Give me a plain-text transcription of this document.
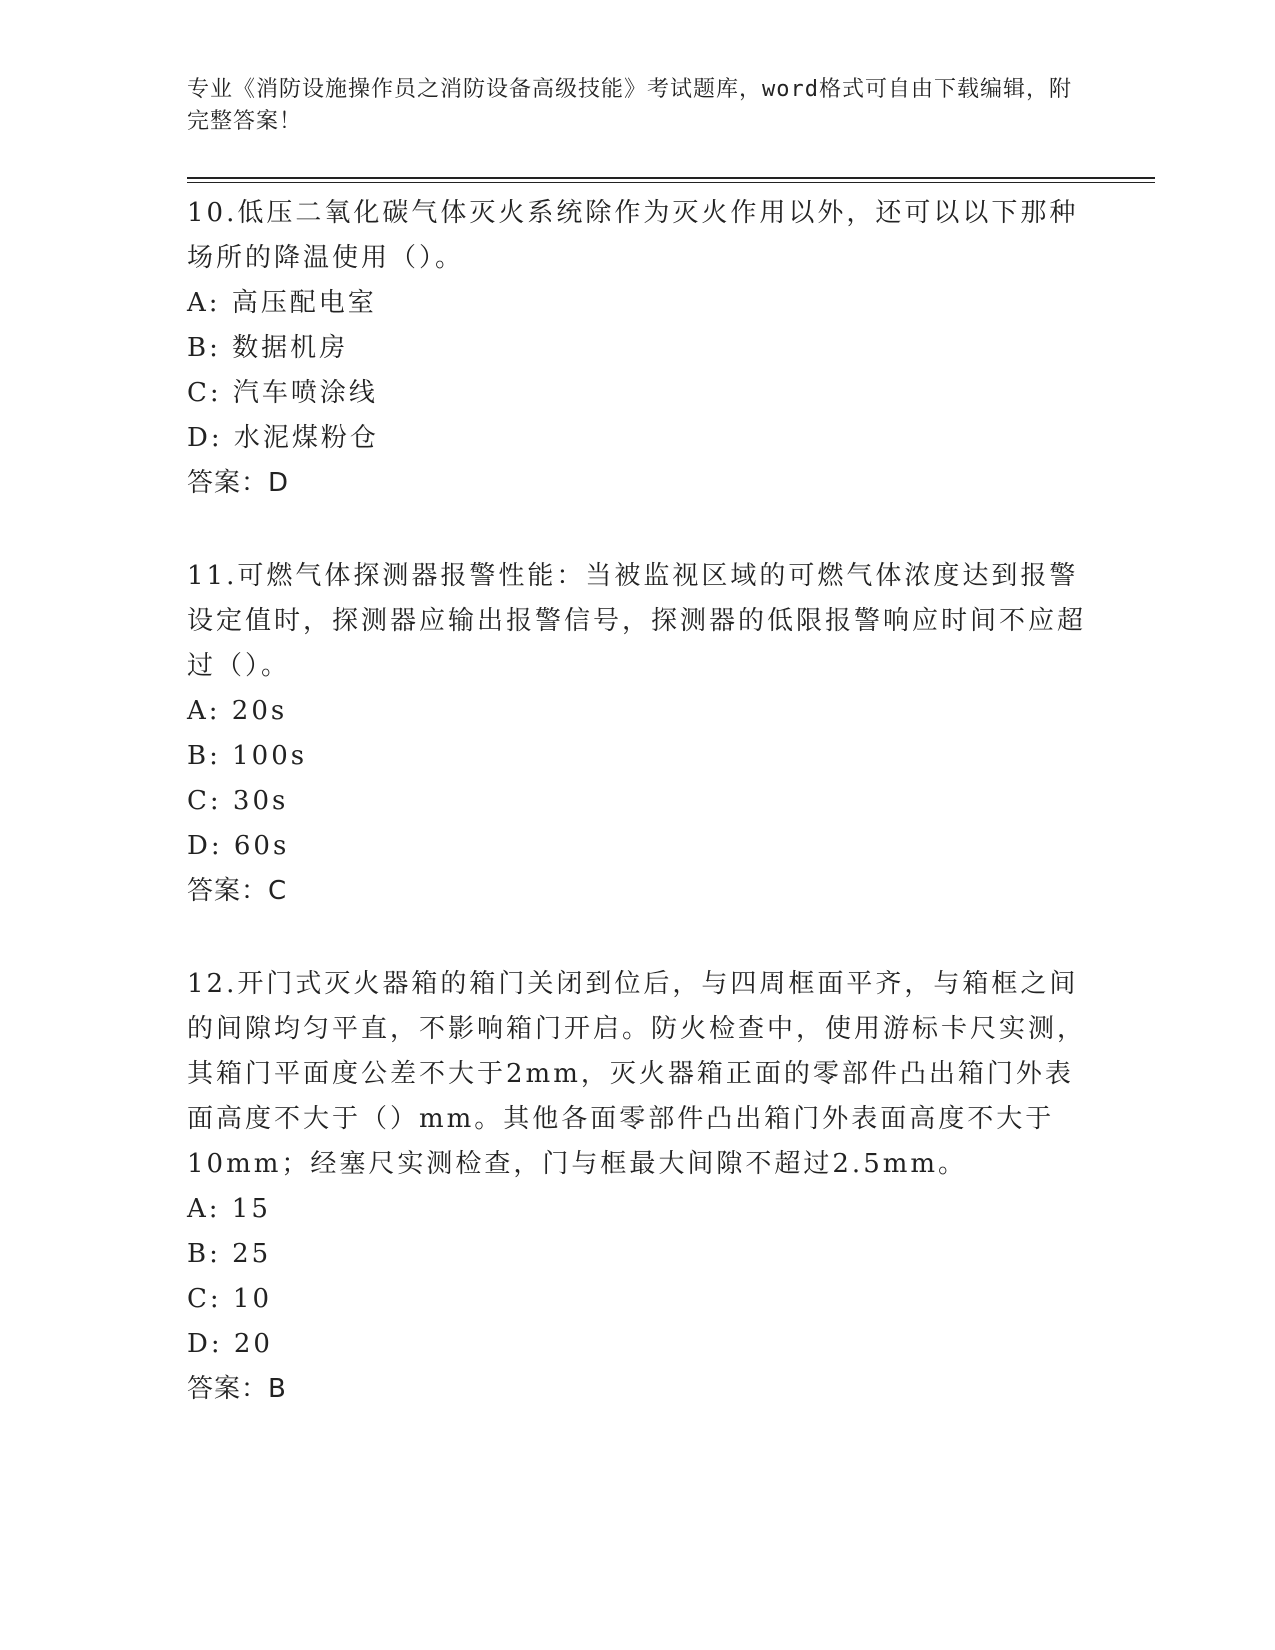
专业《消防设施操作员之消防设备高级技能》考试题库，word格式可自由下载编辑，附完整答案！

10.低压二氧化碳气体灭火系统除作为灭火作用以外，还可以以下那种场所的降温使用（）。

A: 高压配电室

B: 数据机房

C: 汽车喷涂线

D: 水泥煤粉仓

答案：D

11.可燃气体探测器报警性能：当被监视区域的可燃气体浓度达到报警设定值时，探测器应输出报警信号，探测器的低限报警响应时间不应超过（）。

A: 20s

B: 100s

C: 30s

D: 60s

答案：C

12.开门式灭火器箱的箱门关闭到位后，与四周框面平齐，与箱框之间的间隙均匀平直，不影响箱门开启。防火检查中，使用游标卡尺实测，其箱门平面度公差不大于2mm，灭火器箱正面的零部件凸出箱门外表面高度不大于（）mm。其他各面零部件凸出箱门外表面高度不大于10mm；经塞尺实测检查，门与框最大间隙不超过2.5mm。

A: 15

B: 25

C: 10

D: 20

答案：B
